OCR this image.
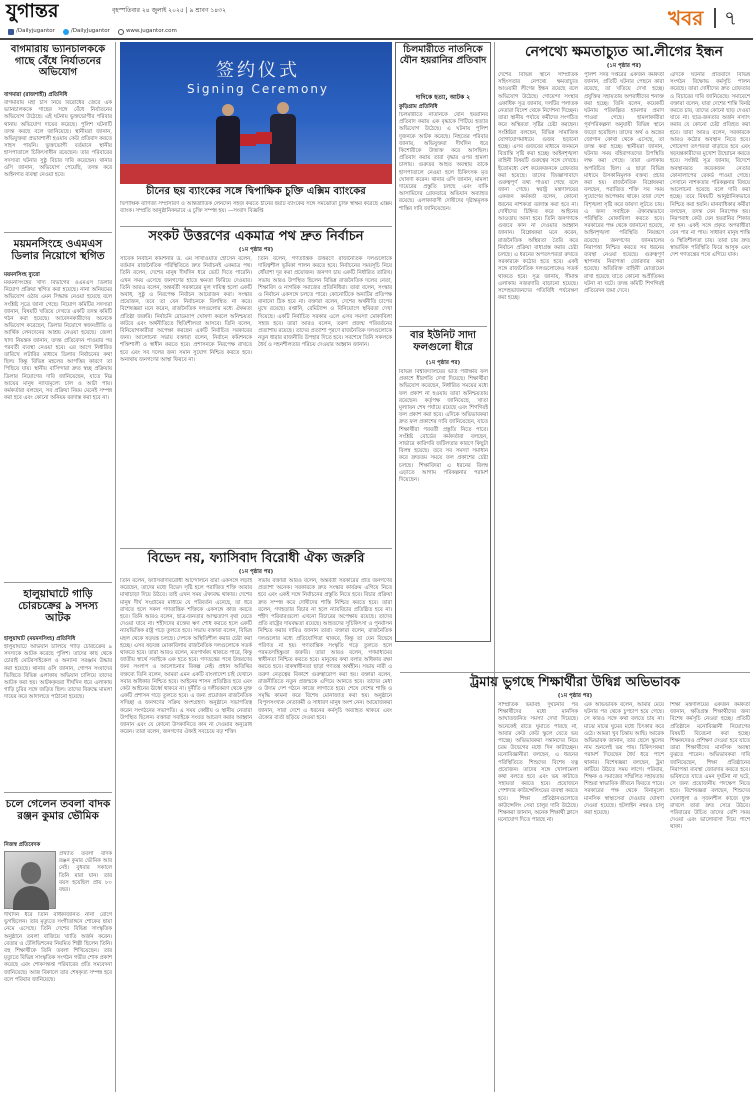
যুগান্তর	বৃহস্পতিবার ২৪ জুলাই ২০২৫ | ৯ শ্রাবণ ১৪৩২
/Dailyjugantor	/DailyJugantor	www.jugantor.com
খবর ৭
বাগমারায় ভ্যানচালককে গাছে বেঁধে নির্যাতনের অভিযোগ
বাগমারা (রাজশাহী) প্রতিনিধি
বাগমারায় মহা চাস নিয়ে বিরোধের জেরে এক ভ্যানচালককে গাছের সঙ্গে বেঁধে নির্যাতনের অভিযোগ উঠেছে। এই ঘটনায় ভুক্তভোগীর পরিবার থানায় অভিযোগ দায়ের করেছে। পুলিশ ঘটনাটি তদন্ত করছে বলে জানিয়েছে। স্থানীয়রা জানান, অভিযুক্তরা প্রভাবশালী হওয়ায় কেউ প্রতিবাদ করতে সাহস পায়নি। ভুক্তভোগী বর্তমানে স্থানীয় হাসপাতালে চিকিৎসাধীন রয়েছেন। তার পরিবারের সদস্যরা ঘটনার সুষ্ঠু বিচার দাবি করেছেন। থানার ওসি জানান, অভিযোগ পেয়েছি, তদন্ত করে আইনগত ব্যবস্থা নেওয়া হবে।
ময়মনসিংহে ওএমএস ডিলার নিয়োগে স্থগিত
ময়মনসিংহ ব্যুরো
ময়মনসিংহের খাদ্য বিভাগের ওএমএস ডিলার নিয়োগ প্রক্রিয়া স্থগিত করা হয়েছে। নানা অনিয়মের অভিযোগ ওঠায় এমন সিদ্ধান্ত নেওয়া হয়েছে বলে সংশ্লিষ্ট সূত্রে জানা গেছে। নিয়োগ কমিটির সদস্যরা জানান, বিষয়টি খতিয়ে দেখতে একটি তদন্ত কমিটি গঠন করা হয়েছে। আবেদনকারীদের অনেকে অভিযোগ করেছেন, ডিলার নিয়োগে স্বজনপ্রীতি ও আর্থিক লেনদেনের আশ্রয় নেওয়া হয়েছে। জেলা খাদ্য নিয়ন্ত্রক জানান, তদন্ত প্রতিবেদন পাওয়ার পর পরবর্তী ব্যবস্থা নেওয়া হবে। এর আগে নির্ধারিত তারিখে লটারির মাধ্যমে ডিলার নির্বাচনের কথা ছিল। কিন্তু বিভিন্ন মহলের আপত্তির কারণে তা পিছিয়ে যায়। স্থানীয় বাসিন্দারা দ্রুত স্বচ্ছ প্রক্রিয়ায় ডিলার নিয়োগের দাবি জানিয়েছেন, যাতে নিম্ন আয়ের মানুষ ন্যায্যমূল্যে চাল ও আটা পায়। কর্মকর্তারা বলছেন, সব প্রক্রিয়া নিয়ম মেনেই সম্পন্ন করা হবে এবং কোনো অনিয়ম বরদাস্ত করা হবে না।
হালুয়াঘাটে গাড়ি চোরচক্রের ৯ সদস্য আটক
হালুয়াঘাট (ময়মনসিংহ) প্রতিনিধি
হালুয়াঘাটে অভিযান চালিয়ে গাড়ি চোরচক্রের ৯ সদস্যকে আটক করেছে পুলিশ। তাদের কাছ থেকে চোরাই মোটরসাইকেল ও অন্যান্য সরঞ্জাম উদ্ধার করা হয়েছে। থানার ওসি জানান, গোপন সংবাদের ভিত্তিতে বিভিন্ন এলাকায় অভিযান চালিয়ে তাদের আটক করা হয়। আটককৃতরা দীর্ঘদিন ধরে এলাকায় গাড়ি চুরির সঙ্গে জড়িত ছিল। তাদের বিরুদ্ধে মামলা দায়ের করে আদালতে পাঠানো হয়েছে।
চলে গেলেন তবলা বাদক রঞ্জন কুমার ভৌমিক
নিজস্ব প্রতিবেদক
প্রখ্যাত তবলা বাদক রঞ্জন কুমার ভৌমিক আর নেই। বুধবার সকালে তিনি মারা যান। তার বয়স হয়েছিল প্রায় ৮০ বছর।
দীর্ঘদিন ধরে তিনি বার্ধক্যজনিত নানা রোগে ভুগছিলেন। তার মৃত্যুতে সংগীতাঙ্গনে শোকের ছায়া নেমে এসেছে। তিনি দেশের বিভিন্ন সাংস্কৃতিক অনুষ্ঠানে তবলা বাজিয়ে খ্যাতি অর্জন করেন। বেতার ও টেলিভিশনের নিয়মিত শিল্পী ছিলেন তিনি। বহু শিক্ষার্থীকে তিনি তবলা শিখিয়েছেন। তার মৃত্যুতে বিভিন্ন সাংস্কৃতিক সংগঠন গভীর শোক প্রকাশ করেছে এবং শোকসন্তপ্ত পরিবারের প্রতি সমবেদনা জানিয়েছে। আজ বিকালে তার শেষকৃত্য সম্পন্ন হবে বলে পরিবার জানিয়েছে।
签约仪式
Signing Ceremony
চীনের ছয় ব্যাংকের সঙ্গে দ্বিপাক্ষিক চুক্তি এক্সিম ব্যাংকের
দ্বিপাক্ষিক বাণিজ্য সম্প্রসারণ ও আন্তর্জাতিক লেনদেন সহজ করতে চীনের ছয়টি ব্যাংকের সঙ্গে সমঝোতা চুক্তি স্বাক্ষর করেছে এক্সিম ব্যাংক। সম্প্রতি আনুষ্ঠানিকভাবে এ চুক্তি সম্পন্ন হয়। —সংবাদ বিজ্ঞপ্তি
চিলমারীতে নাতনিকে যৌন হয়রানির প্রতিবাদ
দাদিকে হত্যা, আটক ২
কুড়িগ্রাম প্রতিনিধি
চিলমারীতে নাতনিকে যৌন হয়রানির প্রতিবাদ করায় এক বৃদ্ধাকে পিটিয়ে হত্যার অভিযোগ উঠেছে। এ ঘটনায় পুলিশ দুজনকে আটক করেছে। নিহতের পরিবার জানায়, অভিযুক্তরা দীর্ঘদিন ধরে কিশোরীকে উত্ত্যক্ত করে আসছিল। প্রতিবাদ করায় তারা বৃদ্ধার ওপর হামলা চালায়। গুরুতর আহত অবস্থায় তাকে হাসপাতালে নেওয়া হলে চিকিৎসক মৃত ঘোষণা করেন। থানার ওসি জানান, মামলা দায়েরের প্রস্তুতি চলছে এবং বাকি আসামিদের গ্রেফতারে অভিযান অব্যাহত রয়েছে। এলাকাবাসী দোষীদের দৃষ্টান্তমূলক শাস্তির দাবি জানিয়েছেন।
বার ইউনিট সাদা ফলগুলো ধীরে
(১ম পৃষ্ঠার পর)
বিভিন্ন বিশ্ববিদ্যালয়ের ভর্তি পরীক্ষার ফল প্রকাশে ধীরগতি দেখা দিয়েছে। শিক্ষার্থীরা অভিযোগ করেছেন, নির্ধারিত সময়ের মধ্যে ফল প্রকাশ না হওয়ায় তারা অনিশ্চয়তায় রয়েছেন। কর্তৃপক্ষ জানিয়েছে, খাতা মূল্যায়ন শেষ পর্যায়ে রয়েছে এবং শিগগিরই ফল প্রকাশ করা হবে। এদিকে অভিভাবকরা দ্রুত ফল প্রকাশের দাবি জানিয়েছেন, যাতে শিক্ষার্থীরা পরবর্তী প্রস্তুতি নিতে পারে। সংশ্লিষ্ট বোর্ডের কর্মকর্তারা বলছেন, সার্ভারে কারিগরি জটিলতার কারণে কিছুটা বিলম্ব হয়েছে। তবে সব সমস্যা সমাধান করে দ্রুততম সময়ে ফল প্রকাশের চেষ্টা চলছে। শিক্ষাবিদরা এ ধরনের বিলম্ব এড়াতে আগাম পরিকল্পনার পরামর্শ দিয়েছেন।
সংকট উত্তরণের একমাত্র পথ দ্রুত নির্বাচন
(১ম পৃষ্ঠার পর)
সাবেক নির্বাচন কমিশনার ড. এম সাখাওয়াত হোসেন বলেন, বর্তমান রাজনৈতিক পরিস্থিতিতে দ্রুত নির্বাচনই একমাত্র পথ। তিনি বলেন, দেশের মানুষ দীর্ঘদিন ধরে ভোট দিতে পারেনি। এখন সময় এসেছে জনগণের হাতে ক্ষমতা ফিরিয়ে দেওয়ার। তিনি আরও বলেন, অন্তর্বর্তী সরকারের মূল দায়িত্ব হলো একটি অবাধ, সুষ্ঠু ও নিরপেক্ষ নির্বাচন আয়োজন করা। সংস্কার প্রয়োজন, তবে তা যেন নির্বাচনকে বিলম্বিত না করে। বিশেষজ্ঞরা মনে করেন, রাজনৈতিক দলগুলোর মধ্যে ঐকমত্য প্রতিষ্ঠা জরুরি। নির্বাচনি রোডম্যাপ ঘোষণা করলে অনিশ্চয়তা কাটবে এবং অর্থনীতিতে স্থিতিশীলতা আসবে। তিনি বলেন, বিনিয়োগকারীরা অপেক্ষা করছেন একটি নির্বাচিত সরকারের জন্য। আলোচনা সভায় বক্তারা বলেন, নির্বাচন কমিশনকে শক্তিশালী ও স্বাধীন করতে হবে। প্রশাসনকে নিরপেক্ষ রাখতে হবে এবং সব দলের জন্য সমান সুযোগ নিশ্চিত করতে হবে। অন্যথায় জনগণের আস্থা ফিরবে না।
তিনি বলেন, গণতান্ত্রিক উত্তরণে রাজনৈতিক দলগুলোকে দায়িত্বশীল ভূমিকা পালন করতে হবে। নির্বাচনের সময়সূচি নিয়ে ধোঁয়াশা দূর করা প্রয়োজন। জনগণ চায় একটি নির্ধারিত তারিখ। সভায় আরও উপস্থিত ছিলেন বিভিন্ন রাজনৈতিক দলের নেতা, শিক্ষাবিদ ও নাগরিক সমাজের প্রতিনিধিরা। তারা বলেন, সংস্কার ও নির্বাচন একসঙ্গে চলতে পারে। কোনোটিকে অন্যটির প্রতিপক্ষ বানানো ঠিক হবে না। বক্তারা বলেন, দেশের অর্থনীতি চাপের মুখে রয়েছে। রপ্তানি, রেমিট্যান্স ও বিনিয়োগে স্থবিরতা দেখা দিয়েছে। একটি নির্বাচিত সরকার এলে এসব সমস্যা মোকাবিলা সহজ হবে। তারা আরও বলেন, তরুণ প্রজন্ম পরিবর্তনের প্রত্যাশায় রয়েছে। তাদের প্রত্যাশা পূরণে রাজনৈতিক দলগুলোকে নতুন ধারার রাজনীতি উপহার দিতে হবে। সবশেষে তিনি সকলকে ধৈর্য ও সহনশীলতার পরিচয় দেওয়ার আহ্বান জানান।
বিভেদ নয়, ফ্যাসিবাদ বিরোধী ঐক্য জরুরি
(১ম পৃষ্ঠার পর)
তিনি বলেন, ফ্যাসিবাদবিরোধী আন্দোলনে যারা একসঙ্গে লড়াই করেছেন, তাদের মধ্যে বিভেদ সৃষ্টি হলে পরাজিত শক্তি আবার মাথাচাড়া দিয়ে উঠবে। তাই এখন সময় ঐক্যবদ্ধ থাকার। দেশের মানুষ দীর্ঘ সংগ্রামের মাধ্যমে যে পরিবর্তন এনেছে, তা ধরে রাখতে হলে সকল গণতান্ত্রিক শক্তিকে একসঙ্গে কাজ করতে হবে। তিনি আরও বলেন, ছাত্র-জনতার আত্মত্যাগ বৃথা যেতে দেওয়া যাবে না। শহীদদের রক্তের ঋণ শোধ করতে হলে একটি ন্যায়ভিত্তিক রাষ্ট্র গড়ে তুলতে হবে। সভায় বক্তারা বলেন, বিভিন্ন মহল থেকে ষড়যন্ত্র চলছে। দেশকে অস্থিতিশীল করার চেষ্টা করা হচ্ছে। এসব ষড়যন্ত্র মোকাবিলায় রাজনৈতিক দলগুলোকে সতর্ক থাকতে হবে। তারা আরও বলেন, মতপার্থক্য থাকতে পারে, কিন্তু জাতীয় স্বার্থে সবাইকে এক হতে হবে। গণতন্ত্রের পথে উত্তরণের জন্য সংলাপ ও আলোচনার বিকল্প নেই। প্রধান অতিথির বক্তব্যে তিনি বলেন, আমরা এমন একটি বাংলাদেশ চাই যেখানে সবার অধিকার নিশ্চিত হবে। আইনের শাসন প্রতিষ্ঠিত হবে এবং কেউ আইনের ঊর্ধ্বে থাকবে না। দুর্নীতি ও দলীয়করণ থেকে মুক্ত একটি প্রশাসন গড়ে তুলতে হবে। এ জন্য প্রয়োজন রাজনৈতিক সদিচ্ছা ও জনগণের সক্রিয় অংশগ্রহণ। অনুষ্ঠানে সভাপতিত্ব করেন সংগঠনের সভাপতি। এ সময় কেন্দ্রীয় ও স্থানীয় নেতারা উপস্থিত ছিলেন। বক্তারা সবাইকে সংযত আচরণ করার আহ্বান জানান এবং যে কোনো উসকানিতে কান না দেওয়ার অনুরোধ করেন। তারা বলেন, জনগণের ঐক্যই সবচেয়ে বড় শক্তি।
সভায় বক্তারা আরও বলেন, অন্তর্বর্তী সরকারের প্রতি জনগণের প্রত্যাশা অনেক। সরকারকে দ্রুত সংস্কার কার্যক্রম এগিয়ে নিতে হবে এবং একই সঙ্গে নির্বাচনের প্রস্তুতি নিতে হবে। বিচার প্রক্রিয়া দ্রুত সম্পন্ন করে দোষীদের শাস্তি নিশ্চিত করতে হবে। তারা বলেন, গণহত্যার বিচার না হলে ন্যায়বিচার প্রতিষ্ঠিত হবে না। শহীদ পরিবারগুলো এখনো বিচারের অপেক্ষায় রয়েছে। তাদের প্রতি রাষ্ট্রের দায়বদ্ধতা রয়েছে। আহতদের সুচিকিৎসা ও পুনর্বাসন নিশ্চিত করার দাবিও জানান তারা। বক্তারা বলেন, রাজনৈতিক দলগুলোর মধ্যে প্রতিযোগিতা থাকবে, কিন্তু তা যেন বিদ্বেষে পরিণত না হয়। গণতান্ত্রিক সংস্কৃতি গড়ে তুলতে হলে পরমতসহিষ্ণুতা জরুরি। তারা আরও বলেন, গণমাধ্যমের স্বাধীনতা নিশ্চিত করতে হবে। মানুষের কথা বলার অধিকার রক্ষা করতে হবে। বাকস্বাধীনতা ছাড়া গণতন্ত্র অর্থহীন। সভায় নারী ও তরুণ নেতৃত্বের বিকাশে গুরুত্বারোপ করা হয়। বক্তারা বলেন, রাজনীতিতে নতুন প্রজন্মকে এগিয়ে আনতে হবে। তাদের মেধা ও উদ্যম দেশ গঠনে কাজে লাগাতে হবে। শেষে দেশের শান্তি ও সমৃদ্ধি কামনা করে বিশেষ মোনাজাত করা হয়। অনুষ্ঠানে বিপুলসংখ্যক নেতাকর্মী ও সাধারণ মানুষ অংশ নেন। আয়োজকরা জানান, সারা দেশে এ ধরনের কর্মসূচি অব্যাহত থাকবে এবং ঐক্যের বার্তা ছড়িয়ে দেওয়া হবে।
নেপথ্যে ক্ষমতাচ্যুত আ.লীগের ইন্ধন
(১ম পৃষ্ঠার পর)
দেশের বিভিন্ন স্থানে সাম্প্রতিক সহিংসতার নেপথ্যে ক্ষমতাচ্যুত আওয়ামী লীগের ইন্ধন রয়েছে বলে অভিযোগ উঠেছে। গোয়েন্দা সংস্থার একাধিক সূত্র জানায়, দলটির পলাতক নেতারা বিদেশ থেকে নির্দেশনা দিচ্ছেন। তারা স্থানীয় পর্যায়ে কর্মীদের সংগঠিত করে অস্থিরতা সৃষ্টির চেষ্টা করছেন। সংশ্লিষ্টরা বলছেন, বিভিন্ন সামাজিক যোগাযোগমাধ্যমে গুজব ছড়ানো হচ্ছে। এসব গুজবের মাধ্যমে জনমনে বিভ্রান্তি সৃষ্টি করা হচ্ছে। আইনশৃঙ্খলা বাহিনী বিষয়টি গুরুত্বের সঙ্গে দেখছে। ইতোমধ্যে বেশ কয়েকজনকে গ্রেফতার করা হয়েছে। তাদের জিজ্ঞাসাবাদে গুরুত্বপূর্ণ তথ্য পাওয়া গেছে বলে জানা গেছে। স্বরাষ্ট্র মন্ত্রণালয়ের একজন কর্মকর্তা বলেন, কোনো ধরনের নাশকতা বরদাস্ত করা হবে না। দোষীদের চিহ্নিত করে আইনের আওতায় আনা হবে। তিনি জনগণকে গুজবে কান না দেওয়ার আহ্বান জানান। বিশ্লেষকরা মনে করেন, রাজনৈতিক অস্থিরতা তৈরি করে নির্বাচন প্রক্রিয়া বাধাগ্রস্ত করার চেষ্টা চলছে। এ ধরনের অপতৎপরতা রুখতে সরকারকে কঠোর হতে হবে। একই সঙ্গে রাজনৈতিক দলগুলোকেও সতর্ক থাকতে হবে। সূত্র জানায়, সীমান্ত এলাকায় নজরদারি বাড়ানো হয়েছে। সন্দেহভাজনদের গতিবিধি পর্যবেক্ষণ করা হচ্ছে।
পুলিশ সদর দপ্তরের একজন কর্মকর্তা জানান, প্রতিটি ঘটনার পেছনে কারা রয়েছে, তা খতিয়ে দেখা হচ্ছে। প্রযুক্তির সহায়তায় অপরাধীদের শনাক্ত করা হচ্ছে। তিনি বলেন, কয়েকটি ঘটনায় পরিকল্পিত হামলার প্রমাণ পাওয়া গেছে। হামলাকারীরা পূর্বপরিকল্পনা অনুযায়ী বিভিন্ন স্থানে জড়ো হয়েছিল। তাদের অর্থ ও অস্ত্রের জোগান কোথা থেকে এসেছে, তা তদন্ত করা হচ্ছে। স্থানীয়রা জানান, ঘটনার সময় বহিরাগতদের উপস্থিতি লক্ষ করা গেছে। তারা এলাকায় অপরিচিত ছিল। এ ছাড়া বিভিন্ন মাধ্যমে উসকানিমূলক বক্তব্য প্রচার করা হয়। রাজনৈতিক বিশ্লেষকরা বলছেন, পরাজিত শক্তি সব সময় সুযোগের অপেক্ষায় থাকে। তারা দেশে বিশৃঙ্খলা সৃষ্টি করে ফায়দা লুটতে চায়। এ জন্য সবাইকে ঐক্যবদ্ধভাবে পরিস্থিতি মোকাবিলা করতে হবে। সরকারের পক্ষ থেকে জানানো হয়েছে, আইনশৃঙ্খলা পরিস্থিতি নিয়ন্ত্রণে রয়েছে। জনগণের জানমালের নিরাপত্তা নিশ্চিত করতে সব ধরনের ব্যবস্থা নেওয়া হয়েছে। গুরুত্বপূর্ণ স্থাপনায় নিরাপত্তা জোরদার করা হয়েছে। অতিরিক্ত বাহিনী মোতায়েন রাখা হয়েছে যাতে কোনো অপ্রীতিকর ঘটনা না ঘটে। তদন্ত কমিটি শিগগিরই প্রতিবেদন জমা দেবে।
এদিকে ঘটনার প্রতিবাদে বিভিন্ন সংগঠন বিক্ষোভ কর্মসূচি পালন করেছে। তারা দোষীদের দ্রুত গ্রেফতার ও বিচারের দাবি জানিয়েছে। সমাবেশে বক্তারা বলেন, যারা দেশের শান্তি বিনষ্ট করতে চায়, তাদের কোনো ছাড় দেওয়া যাবে না। ছাত্র-জনতার অর্জন নস্যাৎ করার যে কোনো চেষ্টা প্রতিহত করা হবে। তারা আরও বলেন, সরকারকে আরও কঠোর অবস্থান নিতে হবে। গোয়েন্দা তৎপরতা বাড়াতে হবে এবং ষড়যন্ত্রকারীদের মুখোশ উন্মোচন করতে হবে। সংশ্লিষ্ট সূত্র জানায়, বিদেশে অবস্থানরত কয়েকজন নেতার ফোনালাপের রেকর্ড পাওয়া গেছে। সেখানে নাশকতার পরিকল্পনার বিষয়ে আলোচনা হয়েছে বলে দাবি করা হচ্ছে। তবে বিষয়টি আনুষ্ঠানিকভাবে নিশ্চিত করা হয়নি। মানবাধিকার কর্মীরা বলছেন, তদন্ত যেন নিরপেক্ষ হয়। নিরপরাধ কেউ যেন হয়রানির শিকার না হন। একই সঙ্গে প্রকৃত অপরাধীরা যেন পার না পায়। সাধারণ মানুষ শান্তি ও স্থিতিশীলতা চায়। তারা চায় দ্রুত স্বাভাবিক পরিস্থিতি ফিরে আসুক এবং দেশ গণতন্ত্রের পথে এগিয়ে যাক।
ট্রমায় ভুগছে শিক্ষার্থীরা উদ্বিগ্ন অভিভাবক
(১ম পৃষ্ঠার পর)
সাম্প্রতিক ভয়াবহ দুর্ঘটনার পর শিক্ষার্থীদের মধ্যে মানসিক আঘাতজনিত সমস্যা দেখা দিয়েছে। অনেকেই রাতে ঘুমাতে পারছে না, আবার কেউ কেউ স্কুলে যেতে ভয় পাচ্ছে। অভিভাবকরা সন্তানদের নিয়ে চরম উদ্বেগের মধ্যে দিন কাটাচ্ছেন। মনোবিজ্ঞানীরা বলছেন, এ ধরনের পরিস্থিতিতে শিশুদের বিশেষ যত্ন প্রয়োজন। তাদের সঙ্গে খোলামেলা কথা বলতে হবে এবং ভয় কাটাতে সহায়তা করতে হবে। প্রয়োজনে পেশাদার কাউন্সেলিংয়ের ব্যবস্থা করতে হবে। শিক্ষা প্রতিষ্ঠানগুলোতে কাউন্সেলিং সেবা চালুর দাবি উঠেছে। শিক্ষকরা জানান, অনেক শিক্ষার্থী ক্লাসে মনোযোগ দিতে পারছে না।
এক অভিভাবক বলেন, আমার মেয়ে ঘটনার পর থেকে চুপচাপ হয়ে গেছে। সে কারও সঙ্গে কথা বলতে চায় না। মাঝে মাঝে ঘুমের মধ্যে চিৎকার করে ওঠে। আমরা খুব চিন্তায় আছি। আরেক অভিভাবক জানান, তার ছেলে স্কুলের নাম শুনলেই ভয় পায়। চিকিৎসকরা পরামর্শ দিয়েছেন ধৈর্য ধরে পাশে থাকার। বিশেষজ্ঞরা বলছেন, ট্রমা কাটিয়ে উঠতে সময় লাগে। পরিবার, শিক্ষক ও সমাজের সম্মিলিত সহায়তায় শিশুরা স্বাভাবিক জীবনে ফিরতে পারে। সরকারের পক্ষ থেকে বিনামূল্যে মানসিক স্বাস্থ্যসেবা দেওয়ার ঘোষণা দেওয়া হয়েছে। হটলাইন নম্বরও চালু করা হয়েছে।
শিক্ষা মন্ত্রণালয়ের একজন কর্মকর্তা জানান, ক্ষতিগ্রস্ত শিক্ষার্থীদের জন্য বিশেষ কর্মসূচি নেওয়া হচ্ছে। প্রতিটি প্রতিষ্ঠানে মনোবিজ্ঞানী নিয়োগের বিষয়টি বিবেচনা করা হচ্ছে। শিক্ষকদেরও প্রশিক্ষণ দেওয়া হবে যাতে তারা শিক্ষার্থীদের মানসিক অবস্থা বুঝতে পারেন। অভিভাবকরা দাবি জানিয়েছেন, শিক্ষা প্রতিষ্ঠানের নিরাপত্তা ব্যবস্থা জোরদার করতে হবে। ভবিষ্যতে যাতে এমন দুর্ঘটনা না ঘটে, সে জন্য প্রয়োজনীয় পদক্ষেপ নিতে হবে। বিশেষজ্ঞরা বলছেন, শিশুদের খেলাধুলা ও সৃজনশীল কাজে যুক্ত রাখলে তারা দ্রুত সেরে উঠবে। পরিবারের উচিত তাদের বেশি সময় দেওয়া এবং ভালোবাসা দিয়ে পাশে থাকা।
